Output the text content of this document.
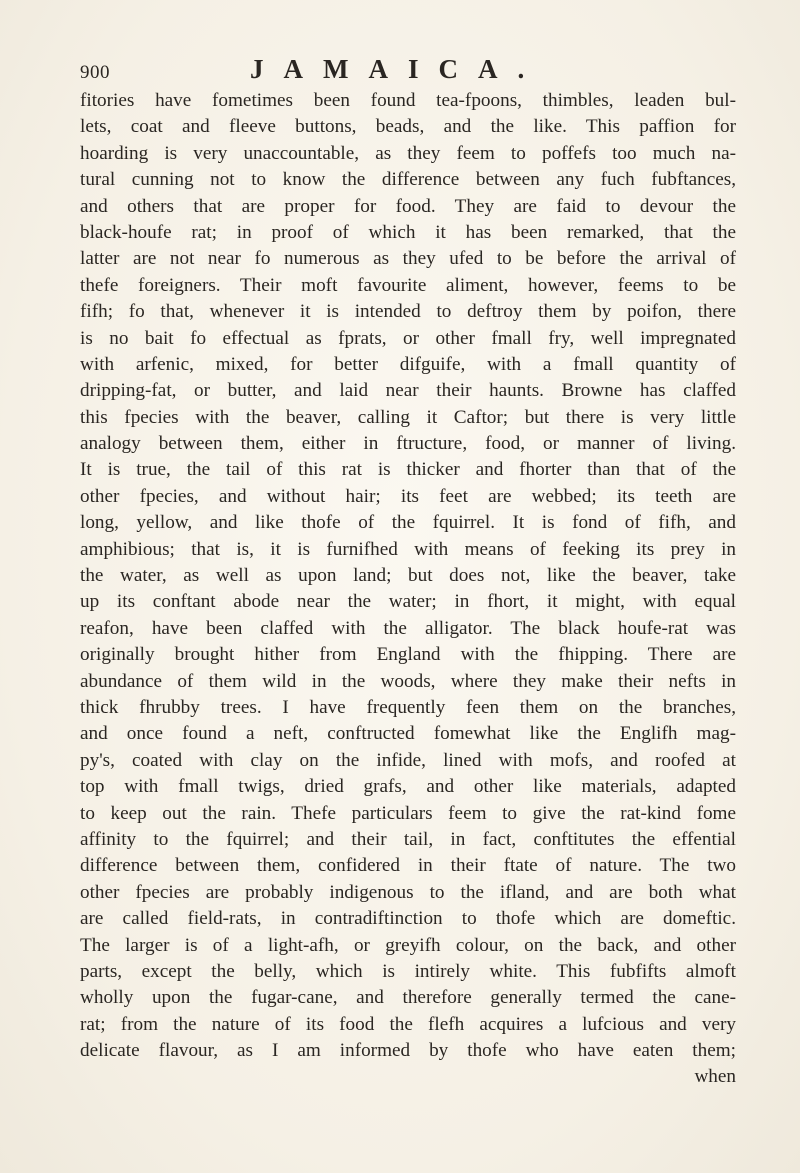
900	JAMAICA.
fitories have fometimes been found tea-fpoons, thimbles, leaden bul-
lets, coat and fleeve buttons, beads, and the like. This paffion for
hoarding is very unaccountable, as they feem to poffefs too much na-
tural cunning not to know the difference between any fuch fubftances,
and others that are proper for food. They are faid to devour the
black-houfe rat; in proof of which it has been remarked, that the
latter are not near fo numerous as they ufed to be before the arrival of
thefe foreigners. Their moft favourite aliment, however, feems to be
fifh; fo that, whenever it is intended to deftroy them by poifon, there
is no bait fo effectual as fprats, or other fmall fry, well impregnated
with arfenic, mixed, for better difguife, with a fmall quantity of
dripping-fat, or butter, and laid near their haunts. Browne has claffed
this fpecies with the beaver, calling it Caftor; but there is very little
analogy between them, either in ftructure, food, or manner of living.
It is true, the tail of this rat is thicker and fhorter than that of the
other fpecies, and without hair; its feet are webbed; its teeth are
long, yellow, and like thofe of the fquirrel. It is fond of fifh, and
amphibious; that is, it is furnifhed with means of feeking its prey in
the water, as well as upon land; but does not, like the beaver, take
up its conftant abode near the water; in fhort, it might, with equal
reafon, have been claffed with the alligator. The black houfe-rat was
originally brought hither from England with the fhipping. There are
abundance of them wild in the woods, where they make their nefts in
thick fhrubby trees. I have frequently feen them on the branches,
and once found a neft, conftructed fomewhat like the Englifh mag-
py's, coated with clay on the infide, lined with mofs, and roofed at
top with fmall twigs, dried grafs, and other like materials, adapted
to keep out the rain. Thefe particulars feem to give the rat-kind fome
affinity to the fquirrel; and their tail, in fact, conftitutes the effential
difference between them, confidered in their ftate of nature. The two
other fpecies are probably indigenous to the ifland, and are both what
are called field-rats, in contradiftinction to thofe which are domeftic.
The larger is of a light-afh, or greyifh colour, on the back, and other
parts, except the belly, which is intirely white. This fubfifts almoft
wholly upon the fugar-cane, and therefore generally termed the cane-
rat; from the nature of its food the flefh acquires a lufcious and very
delicate flavour, as I am informed by thofe who have eaten them;
when
